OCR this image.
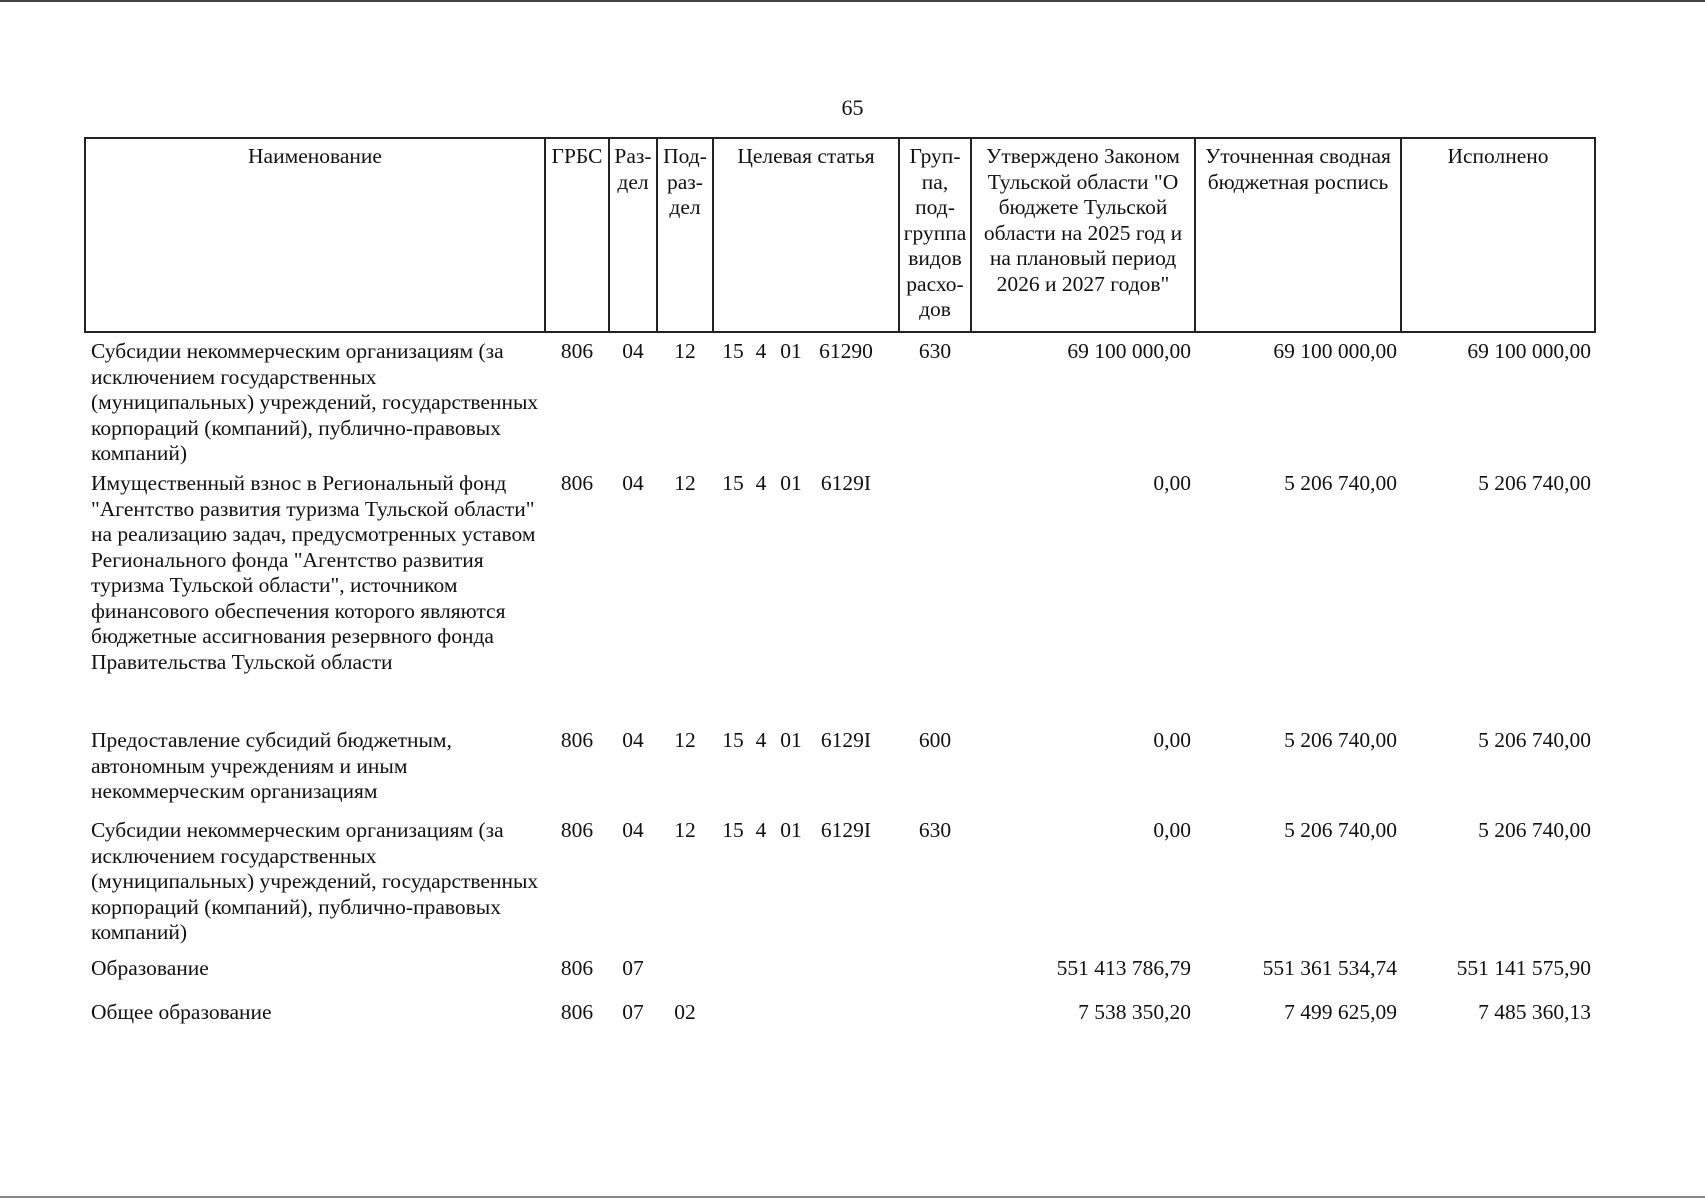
65
Наименование	ГРБС	Раз-дел	Под-раз-дел	Целевая статья	Груп-па, под-группа видов расхо-дов	Утверждено Законом Тульской области "О бюджете Тульской области на 2025 год и на плановый период 2026 и 2027 годов"	Уточненная сводная бюджетная роспись	Исполнено
Субсидии некоммерческим организациям (за исключением государственных (муниципальных) учреждений, государственных корпораций (компаний), публично-правовых компаний)	806	04	12	15 4 01 61290	630	69 100 000,00	69 100 000,00	69 100 000,00
Имущественный взнос в Региональный фонд "Агентство развития туризма Тульской области" на реализацию задач, предусмотренных уставом Регионального фонда "Агентство развития туризма Тульской области", источником финансового обеспечения которого являются бюджетные ассигнования резервного фонда Правительства Тульской области	806	04	12	15 4 01 6129I		0,00	5 206 740,00	5 206 740,00
Предоставление субсидий бюджетным, автономным учреждениям и иным некоммерческим организациям	806	04	12	15 4 01 6129I	600	0,00	5 206 740,00	5 206 740,00
Субсидии некоммерческим организациям (за исключением государственных (муниципальных) учреждений, государственных корпораций (компаний), публично-правовых компаний)	806	04	12	15 4 01 6129I	630	0,00	5 206 740,00	5 206 740,00
Образование	806	07				551 413 786,79	551 361 534,74	551 141 575,90
Общее образование	806	07	02			7 538 350,20	7 499 625,09	7 485 360,13
